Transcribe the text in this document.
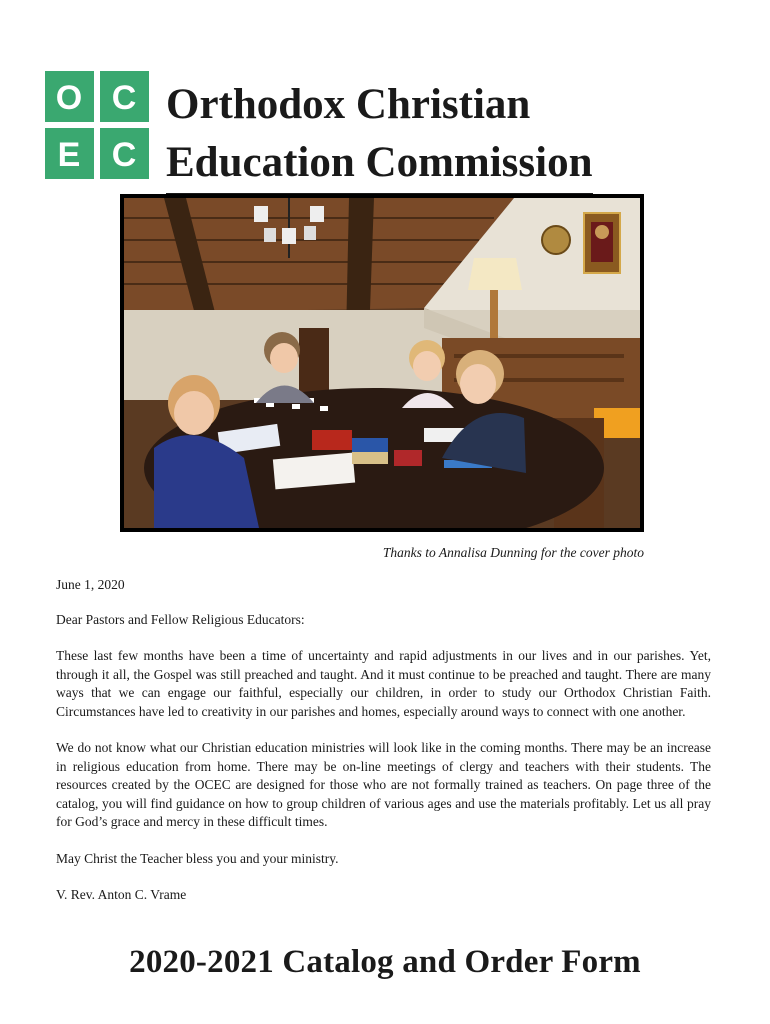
O C
E C
Orthodox Christian
Education Commission
Thanks to Annalisa Dunning for the cover photo

June 1, 2020

Dear Pastors and Fellow Religious Educators:

These last few months have been a time of uncertainty and rapid adjustments in our lives and in our parishes. Yet, through it all, the Gospel was still preached and taught. And it must continue to be preached and taught. There are many ways that we can engage our faithful, especially our children, in order to study our Orthodox Christian Faith. Circumstances have led to creativity in our parishes and homes, especially around ways to connect with one another.

We do not know what our Christian education ministries will look like in the coming months. There may be an increase in religious education from home. There may be on-line meetings of clergy and teachers with their students. The resources created by the OCEC are designed for those who are not formally trained as teachers. On page three of the catalog, you will find guidance on how to group children of various ages and use the materials profitably. Let us all pray for God’s grace and mercy in these difficult times.

May Christ the Teacher bless you and your ministry.

V. Rev. Anton C. Vrame

2020-2021 Catalog and Order Form
